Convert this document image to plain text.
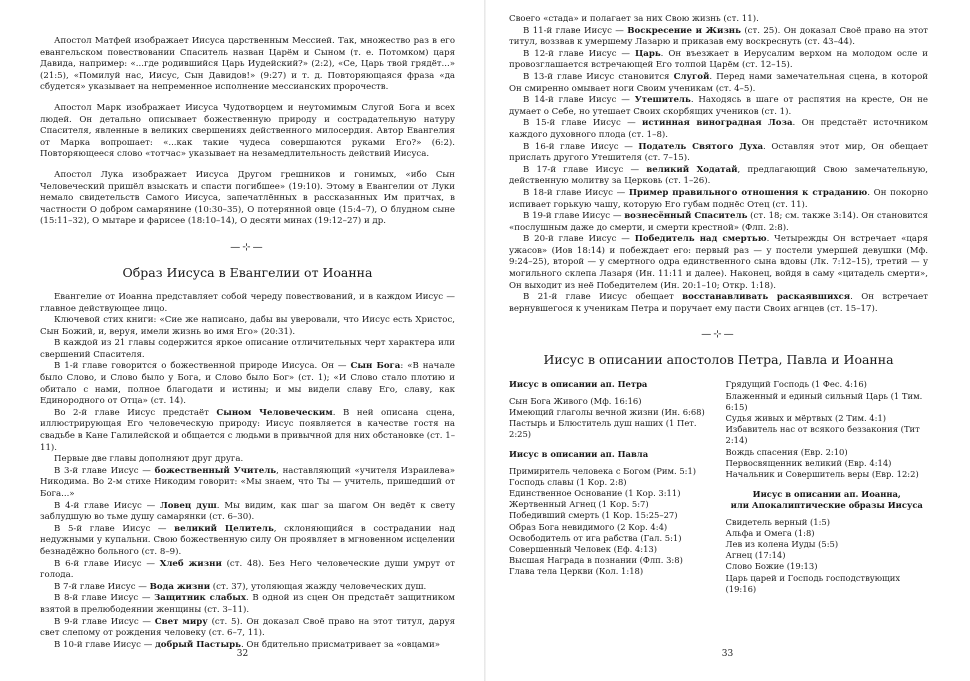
Апостол Матфей изображает Иисуса царственным Мессией. Так, множество раз в его евангельском повествовании Спаситель назван Царём и Сыном (т. е. Потомком) царя Давида, например: «...где родившийся Царь Иудейский?» (2:2), «Се, Царь твой грядёт...» (21:5), «Помилуй нас, Иисус, Сын Давидов!» (9:27) и т. д. Повторяющаяся фраза «да сбудется» указывает на непременное исполнение мессианских пророчеств.

Апостол Марк изображает Иисуса Чудотворцем и неутомимым Слугой Бога и всех людей. Он детально описывает божественную природу и сострадательную натуру Спасителя, явленные в великих свершениях действенного милосердия. Автор Евангелия от Марка вопрошает: «...как такие чудеса совершаются руками Его?» (6:2). Повторяющееся слово «тотчас» указывает на незамедлительность действий Иисуса.

Апостол Лука изображает Иисуса Другом грешников и гонимых, «ибо Сын Человеческий пришёл взыскать и спасти погибшее» (19:10). Этому в Евангелии от Луки немало свидетельств Самого Иисуса, запечатлённых в рассказанных Им притчах, в частности О добром самарянине (10:30–35), О потерянной овце (15:4–7), О блудном сыне (15:11–32), О мытаре и фарисее (18:10–14), О десяти минах (19:12–27) и др.

—⊹—
Образ Иисуса в Евангелии от Иоанна

Евангелие от Иоанна представляет собой череду повествований, и в каждом Иисус — главное действующее лицо.

Ключевой стих книги: «Сие же написано, дабы вы уверовали, что Иисус есть Христос, Сын Божий, и, веруя, имели жизнь во имя Его» (20:31).

В каждой из 21 главы содержится яркое описание отличительных черт характера или свершений Спасителя.

В 1-й главе говорится о божественной природе Иисуса. Он — Сын Бога: «В начале было Слово, и Слово было у Бога, и Слово было Бог» (ст. 1); «И Слово стало плотию и обитало с нами, полное благодати и истины; и мы видели славу Его, славу, как Единородного от Отца» (ст. 14).

Во 2-й главе Иисус предстаёт Сыном Человеческим. В ней описана сцена, иллюстрирующая Его человеческую природу: Иисус появляется в качестве гостя на свадьбе в Кане Галилейской и общается с людьми в привычной для них обстановке (ст. 1–11).

Первые две главы дополняют друг друга.

В 3-й главе Иисус — божественный Учитель, наставляющий «учителя Израилева» Никодима. Во 2-м стихе Никодим говорит: «Мы знаем, что Ты — учитель, пришедший от Бога...»

В 4-й главе Иисус — Ловец душ. Мы видим, как шаг за шагом Он ведёт к свету заблудшую во тьме душу самарянки (ст. 6–30).

В 5-й главе Иисус — великий Целитель, склоняющийся в сострадании над недужными у купальни. Свою божественную силу Он проявляет в мгновенном исцелении безнадёжно больного (ст. 8–9).

В 6-й главе Иисус — Хлеб жизни (ст. 48). Без Него человеческие души умрут от голода.

В 7-й главе Иисус — Вода жизни (ст. 37), утоляющая жажду человеческих душ.

В 8-й главе Иисус — Защитник слабых. В одной из сцен Он предстаёт защитником взятой в прелюбодеянии женщины (ст. 3–11).

В 9-й главе Иисус — Свет миру (ст. 5). Он доказал Своё право на этот титул, даруя свет слепому от рождения человеку (ст. 6–7, 11).

В 10-й главе Иисус — добрый Пастырь. Он бдительно присматривает за «овцами»

32

Своего «стада» и полагает за них Свою жизнь (ст. 11).

В 11-й главе Иисус — Воскресение и Жизнь (ст. 25). Он доказал Своё право на этот титул, воззвав к умершему Лазарю и приказав ему воскреснуть (ст. 43–44).

В 12-й главе Иисус — Царь. Он въезжает в Иерусалим верхом на молодом осле и провозглашается встречающей Его толпой Царём (ст. 12–15).

В 13-й главе Иисус становится Слугой. Перед нами замечательная сцена, в которой Он смиренно омывает ноги Своим ученикам (ст. 4–5).

В 14-й главе Иисус — Утешитель. Находясь в шаге от распятия на кресте, Он не думает о Себе, но утешает Своих скорбящих учеников (ст. 1).

В 15-й главе Иисус — истинная виноградная Лоза. Он предстаёт источником каждого духовного плода (ст. 1–8).

В 16-й главе Иисус — Податель Святого Духа. Оставляя этот мир, Он обещает прислать другого Утешителя (ст. 7–15).

В 17-й главе Иисус — великий Ходатай, предлагающий Свою замечательную, действенную молитву за Церковь (ст. 1–26).

В 18-й главе Иисус — Пример правильного отношения к страданию. Он покорно испивает горькую чашу, которую Его губам поднёс Отец (ст. 11).

В 19-й главе Иисус — вознесённый Спаситель (ст. 18; см. также 3:14). Он становится «послушным даже до смерти, и смерти крестной» (Флп. 2:8).

В 20-й главе Иисус — Победитель над смертью. Четырежды Он встречает «царя ужасов» (Иов 18:14) и побеждает его: первый раз — у постели умершей девушки (Мф. 9:24–25), второй — у смертного одра единственного сына вдовы (Лк. 7:12–15), третий — у могильного склепа Лазаря (Ин. 11:11 и далее). Наконец, войдя в саму «цитадель смерти», Он выходит из неё Победителем (Ин. 20:1–10; Откр. 1:18).

В 21-й главе Иисус обещает восстанавливать раскаявшихся. Он встречает вернувшегося к ученикам Петра и поручает ему пасти Своих агнцев (ст. 15–17).

—⊹—
Иисус в описании апостолов Петра, Павла и Иоанна
Иисус в описании ап. Петра
Сын Бога Живого (Мф. 16:16)
Имеющий глаголы вечной жизни (Ин. 6:68)
Пастырь и Блюститель душ наших (1 Пет. 2:25)
Иисус в описании ап. Павла
Примиритель человека с Богом (Рим. 5:1)
Господь славы (1 Кор. 2:8)
Единственное Основание (1 Кор. 3:11)
Жертвенный Агнец (1 Кор. 5:7)
Победивший смерть (1 Кор. 15:25–27)
Образ Бога невидимого (2 Кор. 4:4)
Освободитель от ига рабства (Гал. 5:1)
Совершенный Человек (Еф. 4:13)
Высшая Награда в познании (Флп. 3:8)
Глава тела Церкви (Кол. 1:18)
Грядущий Господь (1 Фес. 4:16)
Блаженный и единый сильный Царь (1 Тим. 6:15)
Судья живых и мёртвых (2 Тим. 4:1)
Избавитель нас от всякого беззакония (Тит 2:14)
Вождь спасения (Евр. 2:10)
Первосвященник великий (Евр. 4:14)
Начальник и Совершитель веры (Евр. 12:2)
Иисус в описании ап. Иоанна,
или Апокалиптические образы Иисуса
Свидетель верный (1:5)
Альфа и Омега (1:8)
Лев из колена Иуды (5:5)
Агнец (17:14)
Слово Божие (19:13)
Царь царей и Господь господствующих (19:16)
33
